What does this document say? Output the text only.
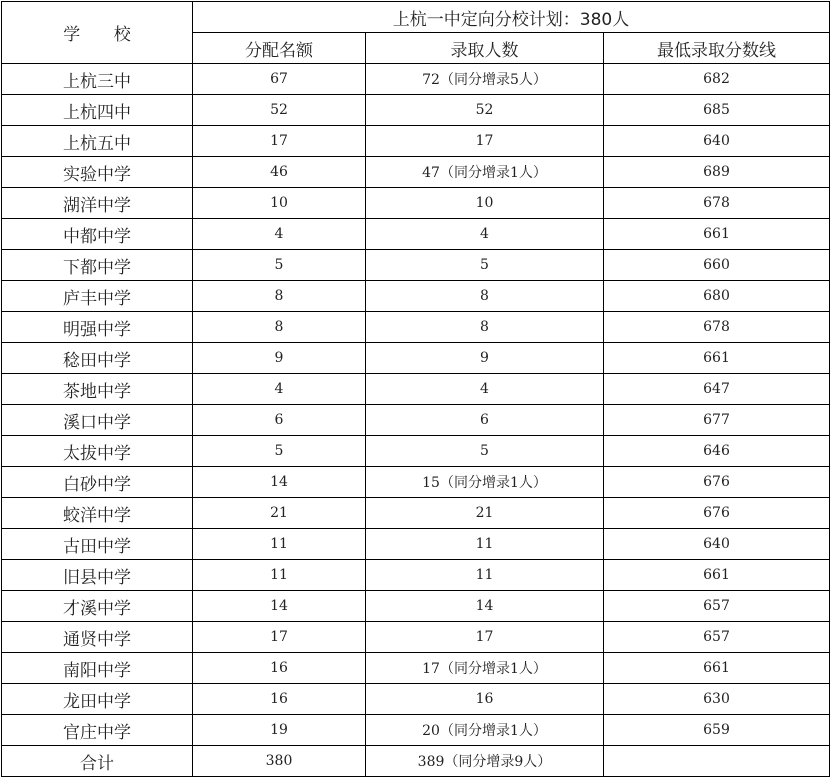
学 校	上杭一中定向分校计划：380人		
	分配名额	录取人数	最低录取分数线
上杭三中	67	72（同分增录5人）	682
上杭四中	52	52	685
上杭五中	17	17	640
实验中学	46	47（同分增录1人）	689
湖洋中学	10	10	678
中都中学	4	4	661
下都中学	5	5	660
庐丰中学	8	8	680
明强中学	8	8	678
稔田中学	9	9	661
茶地中学	4	4	647
溪口中学	6	6	677
太拔中学	5	5	646
白砂中学	14	15（同分增录1人）	676
蛟洋中学	21	21	676
古田中学	11	11	640
旧县中学	11	11	661
才溪中学	14	14	657
通贤中学	17	17	657
南阳中学	16	17（同分增录1人）	661
龙田中学	16	16	630
官庄中学	19	20（同分增录1人）	659
合计	380	389（同分增录9人）	
